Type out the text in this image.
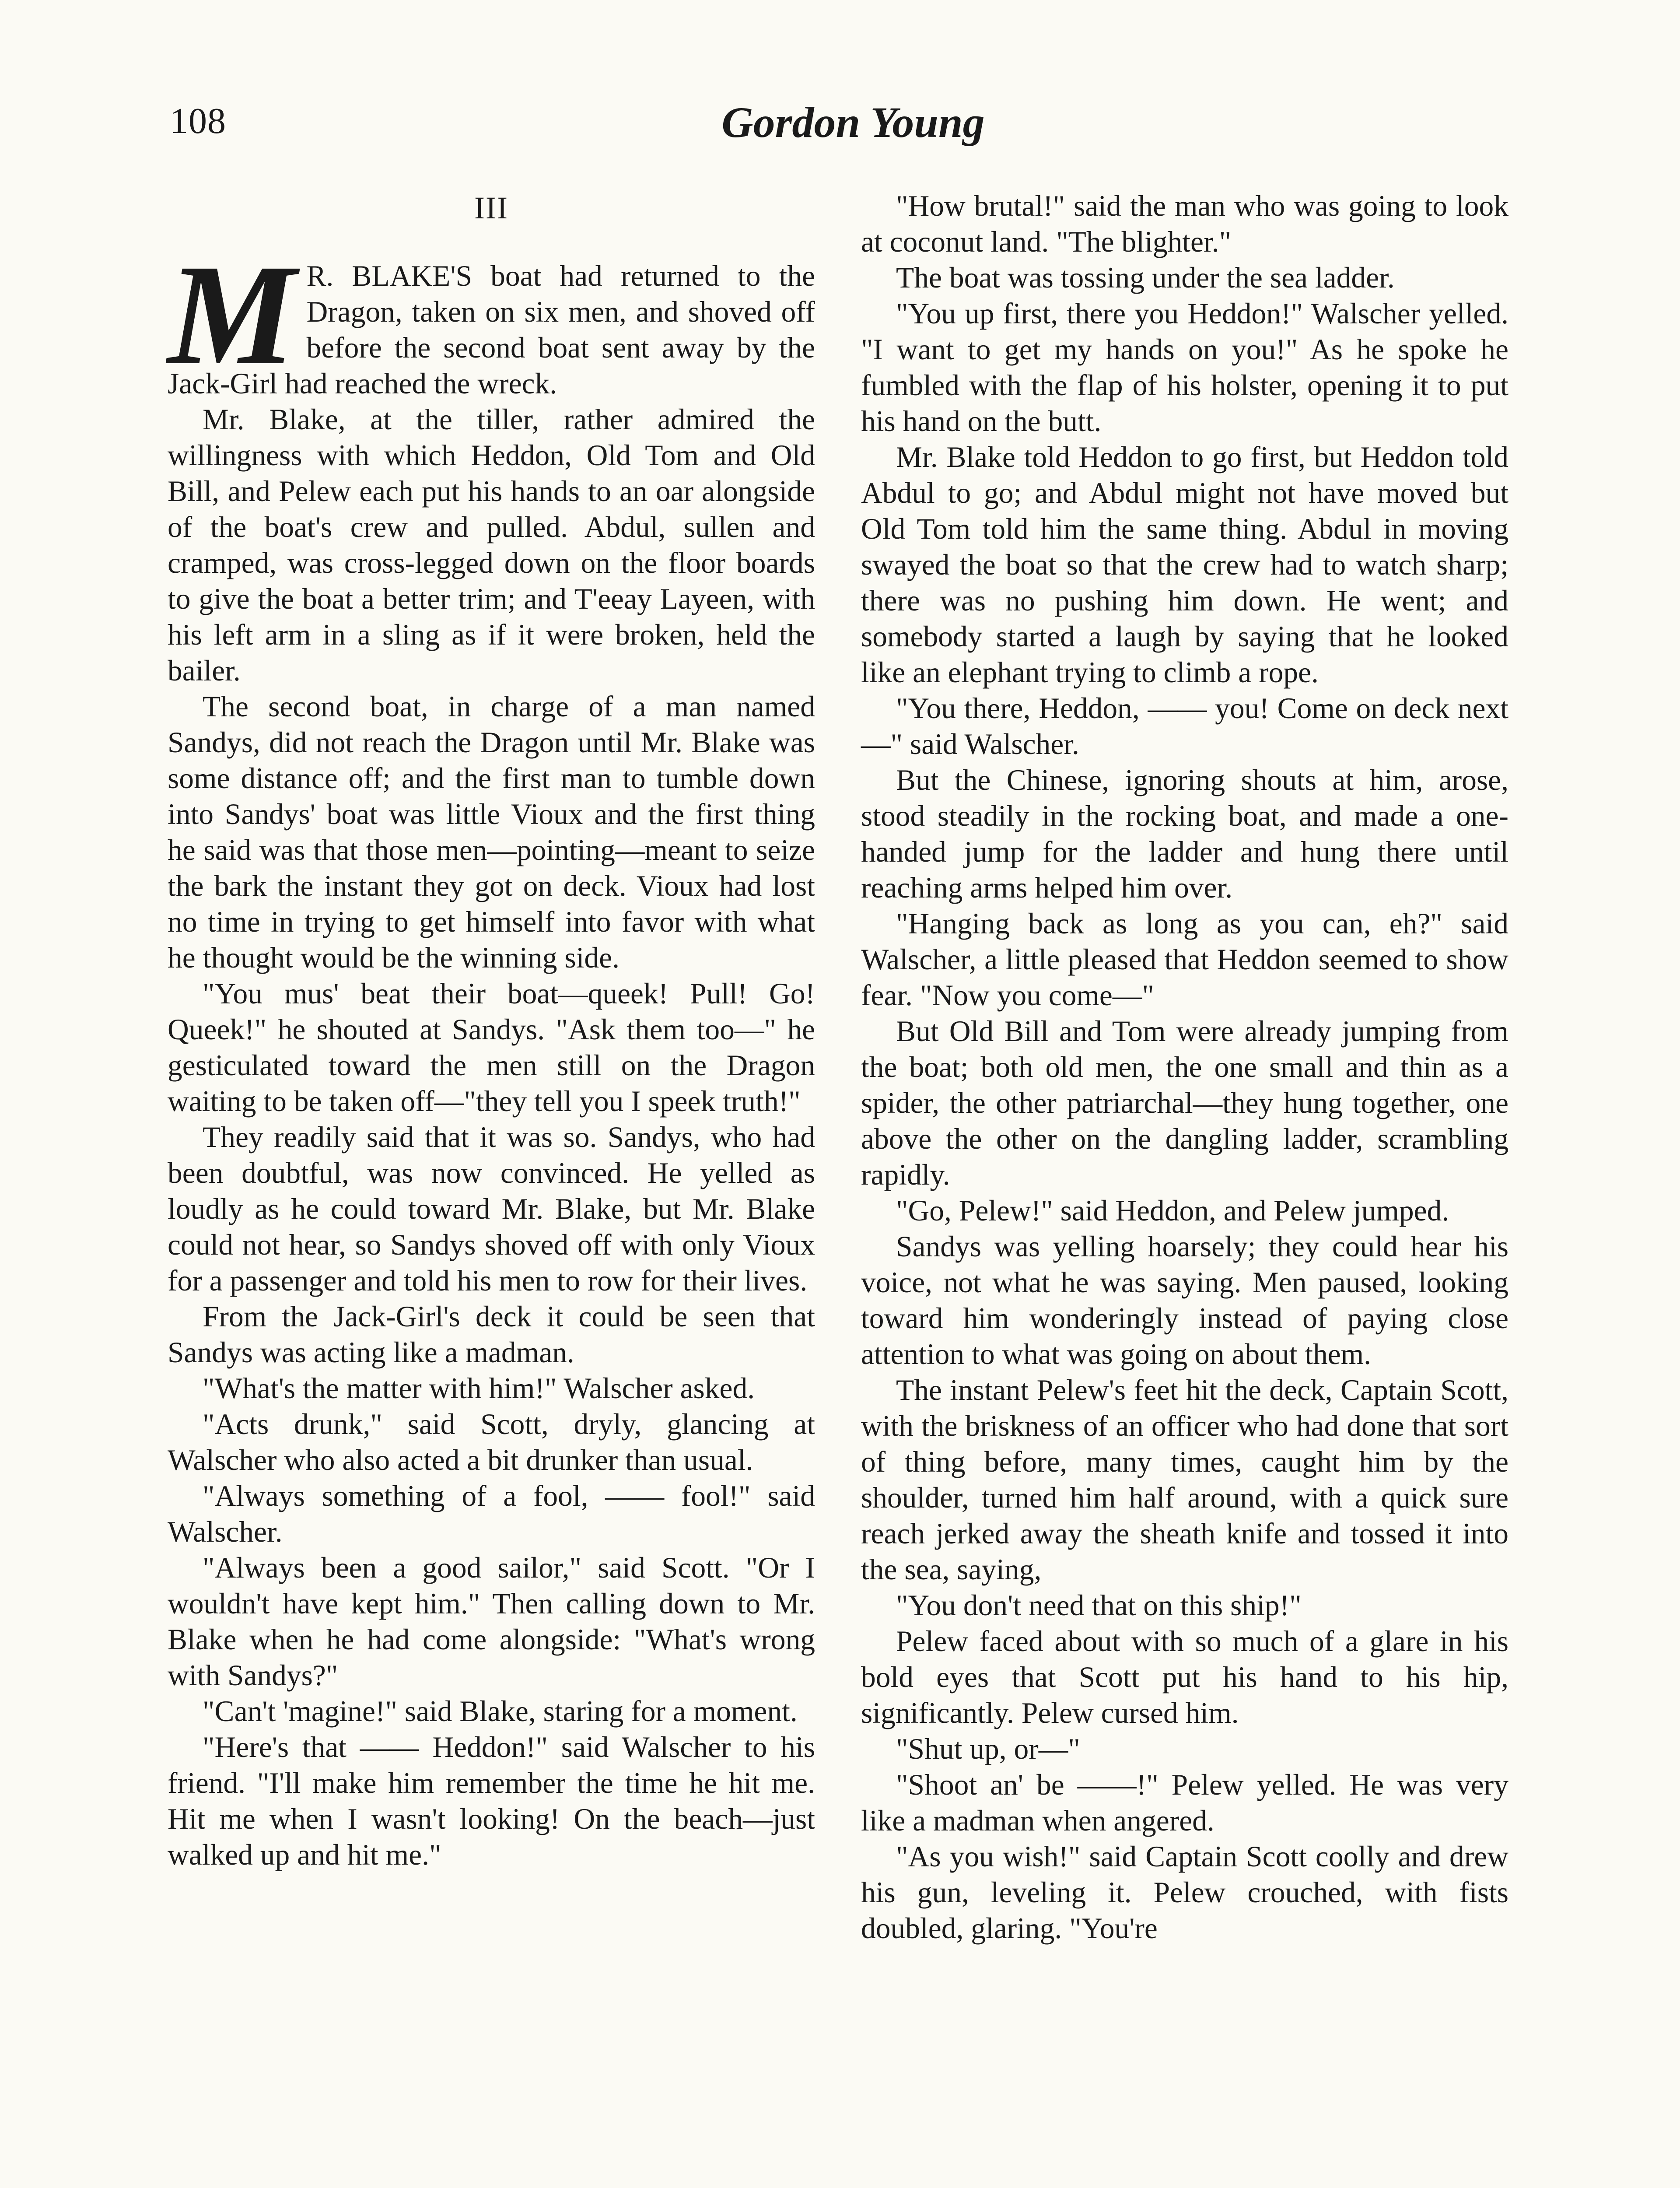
108	Gordon Young
III

M R. BLAKE'S boat had returned to the Dragon, taken on six men, and shoved off before the second boat sent away by the Jack-Girl had reached the wreck.

Mr. Blake, at the tiller, rather admired the willingness with which Heddon, Old Tom and Old Bill, and Pelew each put his hands to an oar alongside of the boat's crew and pulled. Abdul, sullen and cramped, was cross-legged down on the floor boards to give the boat a better trim; and T'eeay Layeen, with his left arm in a sling as if it were broken, held the bailer.

The second boat, in charge of a man named Sandys, did not reach the Dragon until Mr. Blake was some distance off; and the first man to tumble down into Sandys' boat was little Vioux and the first thing he said was that those men—pointing—meant to seize the bark the instant they got on deck. Vioux had lost no time in trying to get himself into favor with what he thought would be the winning side.

"You mus' beat their boat—queek! Pull! Go! Queek!" he shouted at Sandys. "Ask them too—" he gesticulated toward the men still on the Dragon waiting to be taken off—"they tell you I speek truth!"

They readily said that it was so. Sandys, who had been doubtful, was now convinced. He yelled as loudly as he could toward Mr. Blake, but Mr. Blake could not hear, so Sandys shoved off with only Vioux for a passenger and told his men to row for their lives.

From the Jack-Girl's deck it could be seen that Sandys was acting like a madman.

"What's the matter with him!" Walscher asked.

"Acts drunk," said Scott, dryly, glancing at Walscher who also acted a bit drunker than usual.

"Always something of a fool, —— fool!" said Walscher.

"Always been a good sailor," said Scott. "Or I wouldn't have kept him." Then calling down to Mr. Blake when he had come alongside: "What's wrong with Sandys?"

"Can't 'magine!" said Blake, staring for a moment.

"Here's that —— Heddon!" said Walscher to his friend. "I'll make him remember the time he hit me. Hit me when I wasn't looking! On the beach—just walked up and hit me."

"How brutal!" said the man who was going to look at coconut land. "The blighter."

The boat was tossing under the sea ladder.

"You up first, there you Heddon!" Walscher yelled. "I want to get my hands on you!" As he spoke he fumbled with the flap of his holster, opening it to put his hand on the butt.

Mr. Blake told Heddon to go first, but Heddon told Abdul to go; and Abdul might not have moved but Old Tom told him the same thing. Abdul in moving swayed the boat so that the crew had to watch sharp; there was no pushing him down. He went; and somebody started a laugh by saying that he looked like an elephant trying to climb a rope.

"You there, Heddon, —— you! Come on deck next—" said Walscher.

But the Chinese, ignoring shouts at him, arose, stood steadily in the rocking boat, and made a one-handed jump for the ladder and hung there until reaching arms helped him over.

"Hanging back as long as you can, eh?" said Walscher, a little pleased that Heddon seemed to show fear. "Now you come—"

But Old Bill and Tom were already jumping from the boat; both old men, the one small and thin as a spider, the other patriarchal—they hung together, one above the other on the dangling ladder, scrambling rapidly.

"Go, Pelew!" said Heddon, and Pelew jumped.

Sandys was yelling hoarsely; they could hear his voice, not what he was saying. Men paused, looking toward him wonderingly instead of paying close attention to what was going on about them.

The instant Pelew's feet hit the deck, Captain Scott, with the briskness of an officer who had done that sort of thing before, many times, caught him by the shoulder, turned him half around, with a quick sure reach jerked away the sheath knife and tossed it into the sea, saying,

"You don't need that on this ship!"

Pelew faced about with so much of a glare in his bold eyes that Scott put his hand to his hip, significantly. Pelew cursed him.

"Shut up, or—"

"Shoot an' be ——!" Pelew yelled. He was very like a madman when angered.

"As you wish!" said Captain Scott coolly and drew his gun, leveling it. Pelew crouched, with fists doubled, glaring. "You're
